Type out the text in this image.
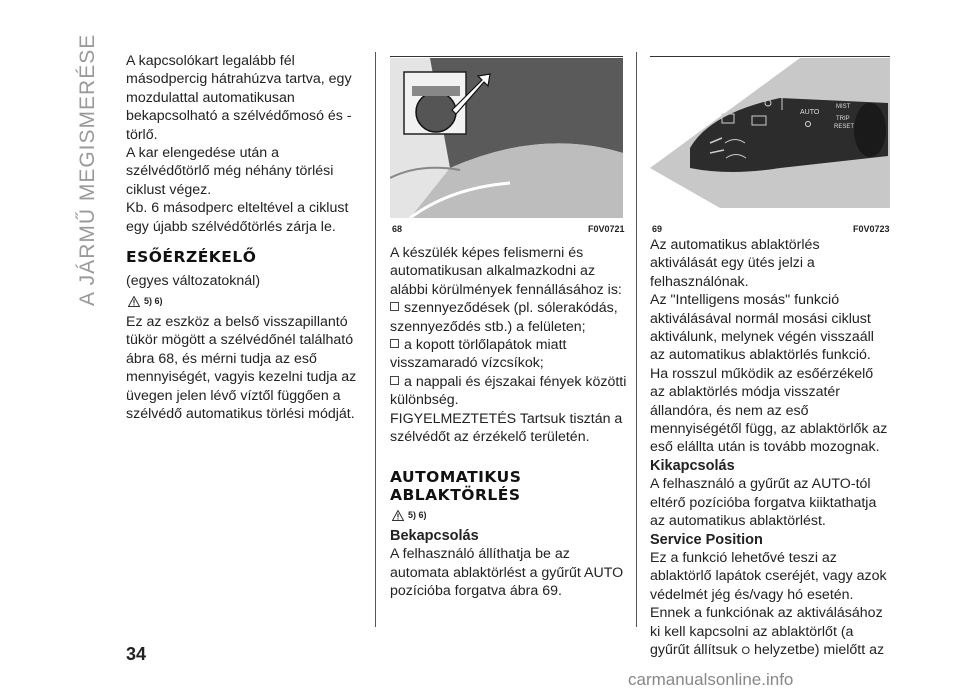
A JÁRMŰ MEGISMERÉSE A kapcsolókart legalább fél másodpercig hátrahúzva tartva, egy mozdulattal automatikusan bekapcsolható a szélvédőmosó és -törlő.

A kar elengedése után a szélvédőtörlő még néhány törlési ciklust végez.

Kb. 6 másodperc elteltével a ciklust egy újabb szélvédőtörlés zárja le.

ESŐÉRZÉKELŐ

(egyes változatoknál)

5) 6)

Ez az eszköz a belső visszapillantó tükör mögött a szélvédőnél található ábra 68, és mérni tudja az eső mennyiségét, vagyis kezelni tudja az üvegen jelen lévő víztől függően a szélvédő automatikus törlési módját.

68	F0V0721
AUTO
MIST
TRIP
RESET
69	F0V0723

A készülék képes felismerni és automatikusan alkalmazkodni az alábbi körülmények fennállásához is:

szennyeződések (pl. sólerakódás, szennyeződés stb.) a felületen;

a kopott törlőlapátok miatt visszamaradó vízcsíkok;

a nappali és éjszakai fények közötti különbség.

FIGYELMEZTETÉS Tartsuk tisztán a szélvédőt az érzékelő területén.

AUTOMATIKUS
ABLAKTÖRLÉS
5) 6)

Bekapcsolás

A felhasználó állíthatja be az automata ablaktörlést a gyűrűt AUTO pozícióba forgatva ábra 69.

Az automatikus ablaktörlés aktiválását egy ütés jelzi a felhasználónak.

Az "Intelligens mosás" funkció aktiválásával normál mosási ciklust aktiválunk, melynek végén visszaáll az automatikus ablaktörlés funkció.

Ha rosszul működik az esőérzékelő az ablaktörlés módja visszatér állandóra, és nem az eső mennyiségétől függ, az ablaktörlők az eső elállta után is tovább mozognak.

Kikapcsolás

A felhasználó a gyűrűt az AUTO-tól eltérő pozícióba forgatva kiiktathatja az automatikus ablaktörlést.

Service Position

Ez a funkció lehetővé teszi az ablaktörlő lapátok cseréjét, vagy azok védelmét jég és/vagy hó esetén.

Ennek a funkciónak az aktiválásához ki kell kapcsolni az ablaktörlőt (a gyűrűt állítsuk O helyzetbe) mielőtt az

34
carmanualsonline.info
